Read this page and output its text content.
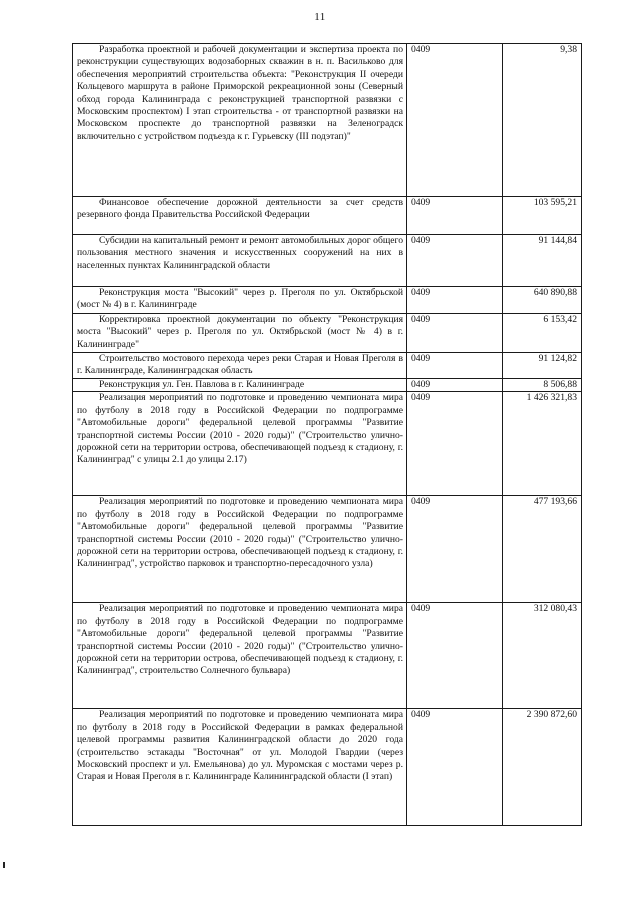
11
Разработка проектной и рабочей документации и экспертиза проекта по реконструкции существующих водозаборных скважин в н. п. Васильково для обеспечения мероприятий строительства объекта: "Реконструкция II очереди Кольцевого маршрута в районе Приморской рекреационной зоны (Северный обход города Калининграда с реконструкцией транспортной развязки с Московским проспектом) I этап строительства - от транспортной развязки на Московском проспекте до транспортной развязки на Зеленоградск включительно с устройством подъезда к г. Гурьевску (III подэтап)"	0409	9,38

Финансовое обеспечение дорожной деятельности за счет средств резервного фонда Правительства Российской Федерации	0409	103 595,21

Субсидии на капитальный ремонт и ремонт автомобильных дорог общего пользования местного значения и искусственных сооружений на них в населенных пунктах Калининградской области	0409	91 144,84

Реконструкция моста "Высокий" через р. Преголя по ул. Октябрьской (мост № 4) в г. Калининграде	0409	640 890,88

Корректировка проектной документации по объекту "Реконструкция моста "Высокий" через р. Преголя по ул. Октябрьской (мост № 4) в г. Калининграде"	0409	6 153,42

Строительство мостового перехода через реки Старая и Новая Преголя в г. Калининграде, Калининградская область	0409	91 124,82

Реконструкция ул. Ген. Павлова в г. Калининграде	0409	8 506,88

Реализация мероприятий по подготовке и проведению чемпионата мира по футболу в 2018 году в Российской Федерации по подпрограмме "Автомобильные дороги" федеральной целевой программы "Развитие транспортной системы России (2010 - 2020 годы)" ("Строительство улично-дорожной сети на территории острова, обеспечивающей подъезд к стадиону, г. Калининград" с улицы 2.1 до улицы 2.17)	0409	1 426 321,83

Реализация мероприятий по подготовке и проведению чемпионата мира по футболу в 2018 году в Российской Федерации по подпрограмме "Автомобильные дороги" федеральной целевой программы "Развитие транспортной системы России (2010 - 2020 годы)" ("Строительство улично-дорожной сети на территории острова, обеспечивающей подъезд к стадиону, г. Калининград", устройство парковок и транспортно-пересадочного узла)	0409	477 193,66

Реализация мероприятий по подготовке и проведению чемпионата мира по футболу в 2018 году в Российской Федерации по подпрограмме "Автомобильные дороги" федеральной целевой программы "Развитие транспортной системы России (2010 - 2020 годы)" ("Строительство улично-дорожной сети на территории острова, обеспечивающей подъезд к стадиону, г. Калининград", строительство Солнечного бульвара)	0409	312 080,43

Реализация мероприятий по подготовке и проведению чемпионата мира по футболу в 2018 году в Российской Федерации в рамках федеральной целевой программы развития Калининградской области до 2020 года (строительство эстакады "Восточная" от ул. Молодой Гвардии (через Московский проспект и ул. Емельянова) до ул. Муромская с мостами через р. Старая и Новая Преголя в г. Калининграде Калининградской области (I этап)	0409	2 390 872,60
